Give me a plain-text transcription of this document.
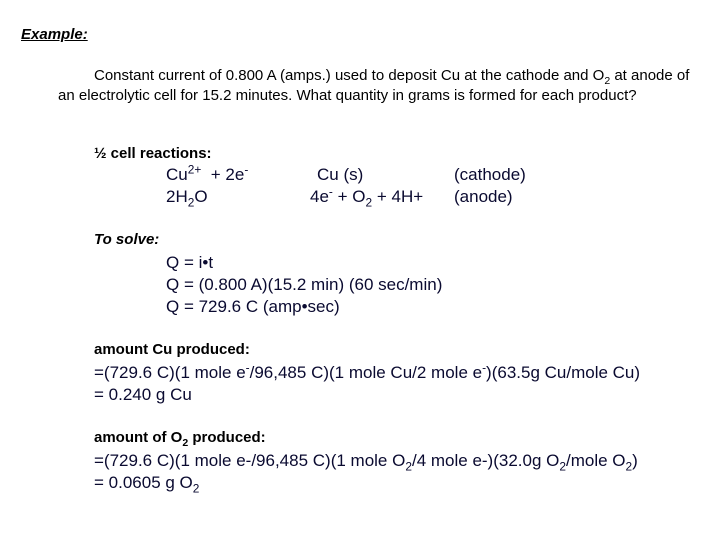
Example:
Constant current of 0.800 A (amps.) used to deposit Cu at the cathode and $O_2$ at anode of an electrolytic cell for 15.2 minutes. What quantity in grams is formed for each product?
½ cell reactions:
$Cu^{2+} + 2e^-$	Cu (s)	(cathode)
$2H_2O$	$4e^- + O_2 + 4H+$ (anode)
To solve:
Q = i•t
Q = (0.800 A)(15.2 min) (60 sec/min)
Q = 729.6 C (amp•sec)
amount Cu produced:
=(729.6 C)(1 mole e-/96,485 C)(1 mole Cu/2 mole e-)(63.5g Cu/mole Cu)
= 0.240 g Cu
amount of $O_2$ produced:
=(729.6 C)(1 mole e-/96,485 C)(1 mole $O_2/4$ mole e-)(32.0g $O_2$/mole $O_2$)
= 0.0605 g $O_2$
